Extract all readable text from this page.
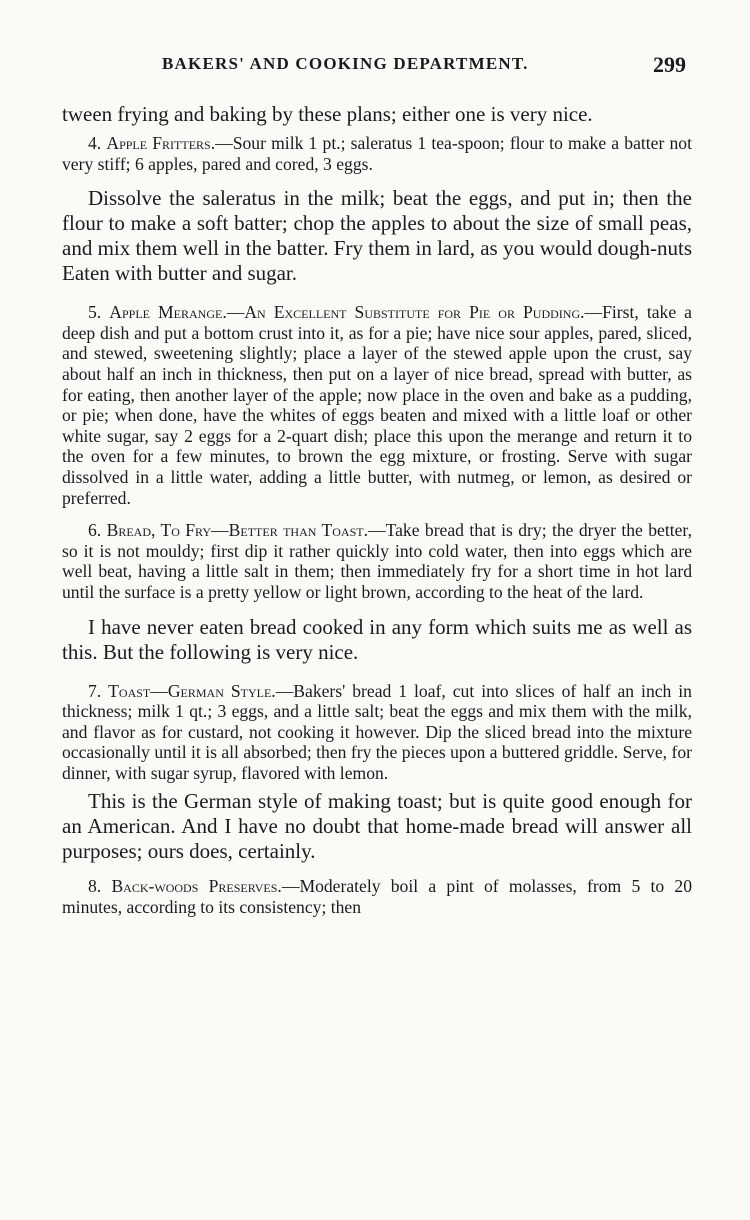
BAKERS' AND COOKING DEPARTMENT.	299

tween frying and baking by these plans; either one is very nice.

4. Apple Fritters.—Sour milk 1 pt.; saleratus 1 tea-spoon; flour to make a batter not very stiff; 6 apples, pared and cored, 3 eggs.

Dissolve the saleratus in the milk; beat the eggs, and put in; then the flour to make a soft batter; chop the apples to about the size of small peas, and mix them well in the batter. Fry them in lard, as you would dough-nuts Eaten with butter and sugar.

5. Apple Merange.—An Excellent Substitute for Pie or Pudding.—First, take a deep dish and put a bottom crust into it, as for a pie; have nice sour apples, pared, sliced, and stewed, sweetening slightly; place a layer of the stewed apple upon the crust, say about half an inch in thickness, then put on a layer of nice bread, spread with butter, as for eating, then another layer of the apple; now place in the oven and bake as a pudding, or pie; when done, have the whites of eggs beaten and mixed with a little loaf or other white sugar, say 2 eggs for a 2-quart dish; place this upon the merange and return it to the oven for a few minutes, to brown the egg mixture, or frosting. Serve with sugar dissolved in a little water, adding a little butter, with nutmeg, or lemon, as desired or preferred.

6. Bread, To Fry—Better than Toast.—Take bread that is dry; the dryer the better, so it is not mouldy; first dip it rather quickly into cold water, then into eggs which are well beat, having a little salt in them; then immediately fry for a short time in hot lard until the surface is a pretty yellow or light brown, according to the heat of the lard.

I have never eaten bread cooked in any form which suits me as well as this. But the following is very nice.

7. Toast—German Style.—Bakers' bread 1 loaf, cut into slices of half an inch in thickness; milk 1 qt.; 3 eggs, and a little salt; beat the eggs and mix them with the milk, and flavor as for custard, not cooking it however. Dip the sliced bread into the mixture occasionally until it is all absorbed; then fry the pieces upon a buttered griddle. Serve, for dinner, with sugar syrup, flavored with lemon.

This is the German style of making toast; but is quite good enough for an American. And I have no doubt that home-made bread will answer all purposes; ours does, certainly.

8. Back-woods Preserves.—Moderately boil a pint of molasses, from 5 to 20 minutes, according to its consistency; then
